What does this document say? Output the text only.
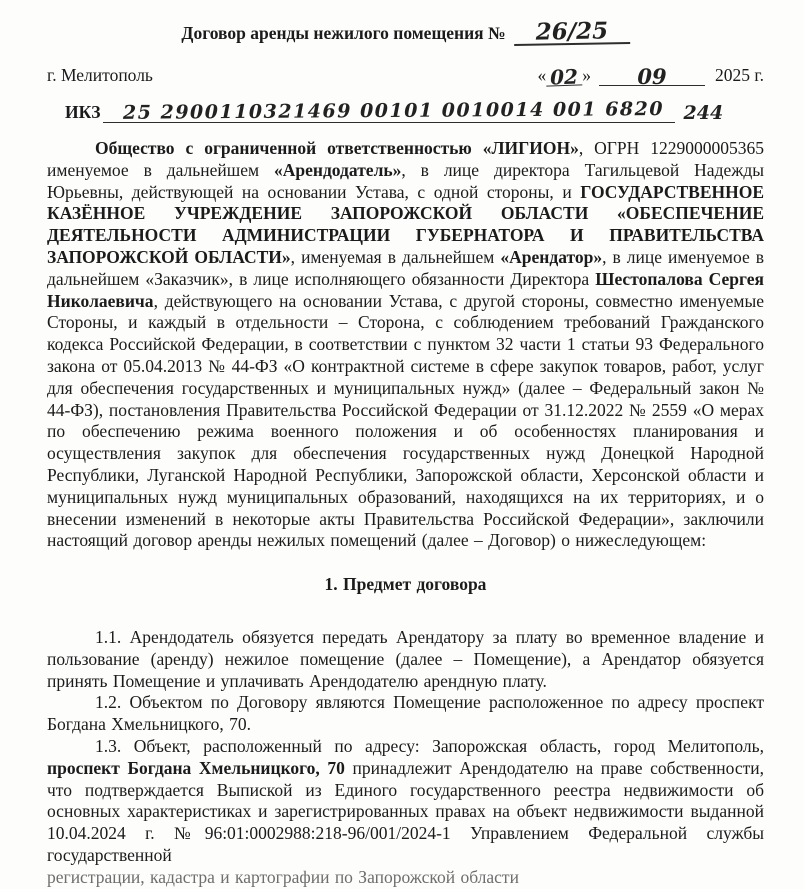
Договор аренды нежилого помещения № 26/25
г. Мелитополь	« 02 »	09	2025 г.
ИКЗ	25 2900110321469 00101 0010014 001 6820	244

Общество с ограниченной ответственностью «ЛИГИОН», ОГРН 1229000005365 именуемое в дальнейшем «Арендодатель», в лице директора Тагильцевой Надежды Юрьевны, действующей на основании Устава, с одной стороны, и ГОСУДАРСТВЕННОЕ КАЗЁННОЕ УЧРЕЖДЕНИЕ ЗАПОРОЖСКОЙ ОБЛАСТИ «ОБЕСПЕЧЕНИЕ ДЕЯТЕЛЬНОСТИ АДМИНИСТРАЦИИ ГУБЕРНАТОРА И ПРАВИТЕЛЬСТВА ЗАПОРОЖСКОЙ ОБЛАСТИ», именуемая в дальнейшем «Арендатор», в лице именуемое в дальнейшем «Заказчик», в лице исполняющего обязанности Директора Шестопалова Сергея Николаевича, действующего на основании Устава, с другой стороны, совместно именуемые Стороны, и каждый в отдельности – Сторона, с соблюдением требований Гражданского кодекса Российской Федерации, в соответствии с пунктом 32 части 1 статьи 93 Федерального закона от 05.04.2013 № 44-ФЗ «О контрактной системе в сфере закупок товаров, работ, услуг для обеспечения государственных и муниципальных нужд» (далее – Федеральный закон № 44-ФЗ), постановления Правительства Российской Федерации от 31.12.2022 № 2559 «О мерах по обеспечению режима военного положения и об особенностях планирования и осуществления закупок для обеспечения государственных нужд Донецкой Народной Республики, Луганской Народной Республики, Запорожской области, Херсонской области и муниципальных нужд муниципальных образований, находящихся на их территориях, и о внесении изменений в некоторые акты Правительства Российской Федерации», заключили настоящий договор аренды нежилых помещений (далее – Договор) о нижеследующем:

1. Предмет договора

1.1. Арендодатель обязуется передать Арендатору за плату во временное владение и пользование (аренду) нежилое помещение (далее – Помещение), а Арендатор обязуется принять Помещение и уплачивать Арендодателю арендную плату.

1.2. Объектом по Договору являются Помещение расположенное по адресу проспект Богдана Хмельницкого, 70.

1.3. Объект, расположенный по адресу: Запорожская область, город Мелитополь, проспект Богдана Хмельницкого, 70 принадлежит Арендодателю на праве собственности, что подтверждается Выпиской из Единого государственного реестра недвижимости об основных характеристиках и зарегистрированных правах на объект недвижимости выданной 10.04.2024 г. №96:01:0002988:218-96/001/2024-1 Управлением Федеральной службы государственной

регистрации, кадастра и картографии по Запорожской области
